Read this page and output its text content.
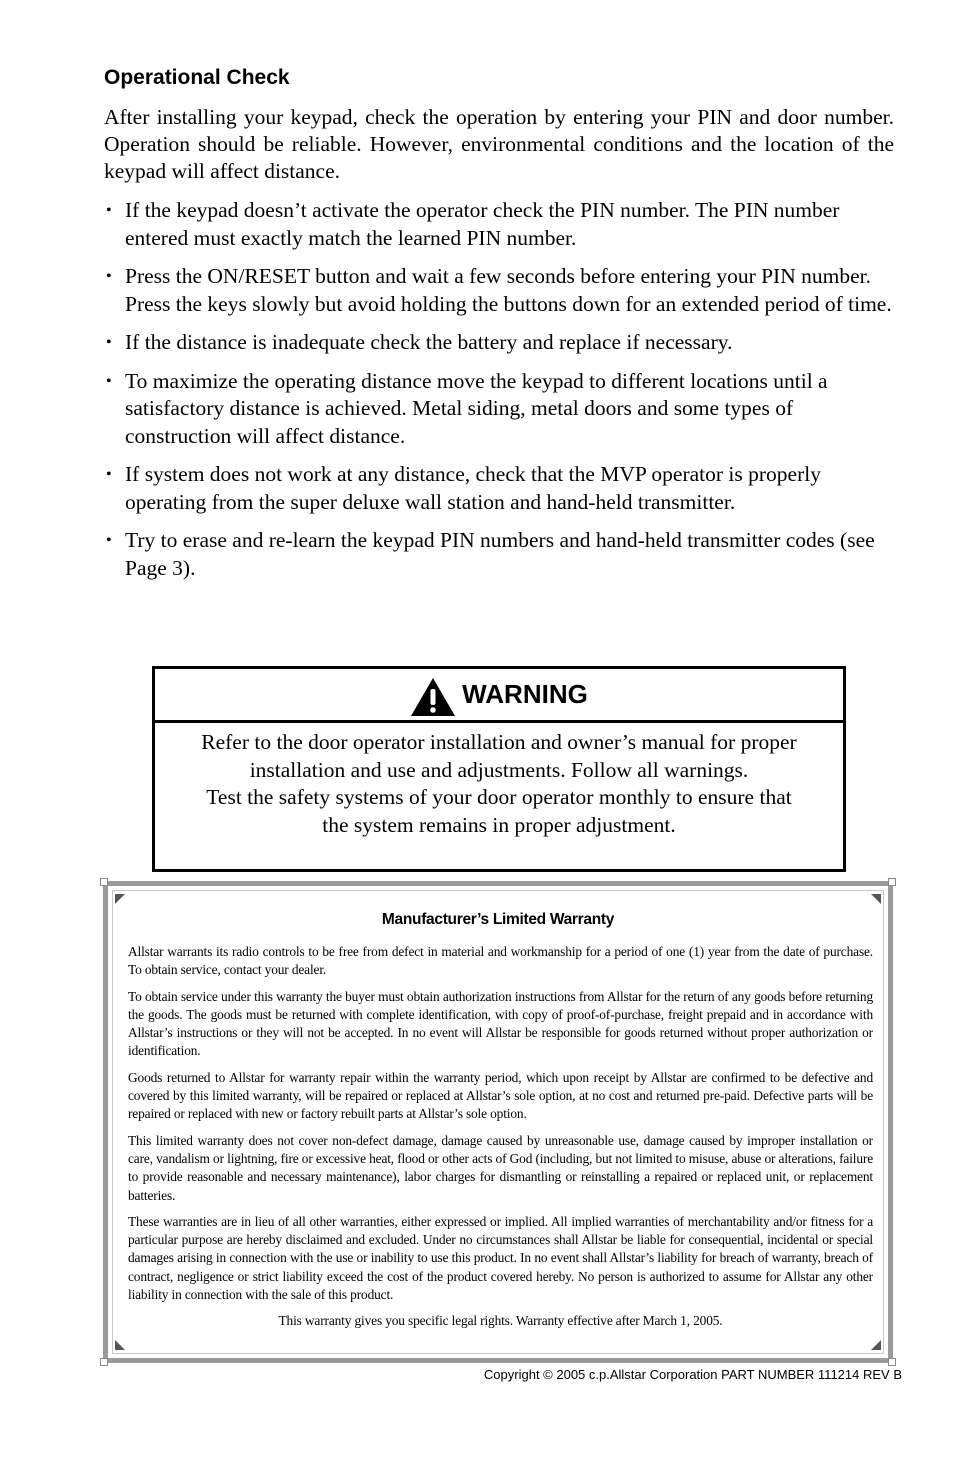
Operational Check

After installing your keypad, check the operation by entering your PIN and door number. Operation should be reliable. However, environmental conditions and the location of the keypad will affect distance.

• If the keypad doesn’t activate the operator check the PIN number. The PIN number entered must exactly match the learned PIN number.
• Press the ON/RESET button and wait a few seconds before entering your PIN number. Press the keys slowly but avoid holding the buttons down for an extended period of time.
• If the distance is inadequate check the battery and replace if necessary.
• To maximize the operating distance move the keypad to different locations until a satisfactory distance is achieved. Metal siding, metal doors and some types of construction will affect distance.
• If system does not work at any distance, check that the MVP operator is properly operating from the super deluxe wall station and hand-held transmitter.
• Try to erase and re-learn the keypad PIN numbers and hand-held transmitter codes (see Page 3).
WARNING
Refer to the door operator installation and owner’s manual for proper
installation and use and adjustments. Follow all warnings.
Test the safety systems of your door operator monthly to ensure that
the system remains in proper adjustment.
Manufacturer’s Limited Warranty

Allstar warrants its radio controls to be free from defect in material and workmanship for a period of one (1) year from the date of purchase. To obtain service, contact your dealer.

To obtain service under this warranty the buyer must obtain authorization instructions from Allstar for the return of any goods before returning the goods. The goods must be returned with complete identification, with copy of proof-of-purchase, freight prepaid and in accordance with Allstar’s instructions or they will not be accepted. In no event will Allstar be responsible for goods returned without proper authorization or identification.

Goods returned to Allstar for warranty repair within the warranty period, which upon receipt by Allstar are confirmed to be defective and covered by this limited warranty, will be repaired or replaced at Allstar’s sole option, at no cost and returned pre-paid. Defective parts will be repaired or replaced with new or factory rebuilt parts at Allstar’s sole option.

This limited warranty does not cover non-defect damage, damage caused by unreasonable use, damage caused by improper installation or care, vandalism or lightning, fire or excessive heat, flood or other acts of God (including, but not limited to misuse, abuse or alterations, failure to provide reasonable and necessary maintenance), labor charges for dismantling or reinstalling a repaired or replaced unit, or replacement batteries.

These warranties are in lieu of all other warranties, either expressed or implied. All implied warranties of merchantability and/or fitness for a particular purpose are hereby disclaimed and excluded. Under no circumstances shall Allstar be liable for consequential, incidental or special damages arising in connection with the use or inability to use this product. In no event shall Allstar’s liability for breach of warranty, breach of contract, negligence or strict liability exceed the cost of the product covered hereby. No person is authorized to assume for Allstar any other liability in connection with the sale of this product.

This warranty gives you specific legal rights. Warranty effective after March 1, 2005.

Copyright © 2005 c.p.Allstar Corporation PART NUMBER 111214 REV B
